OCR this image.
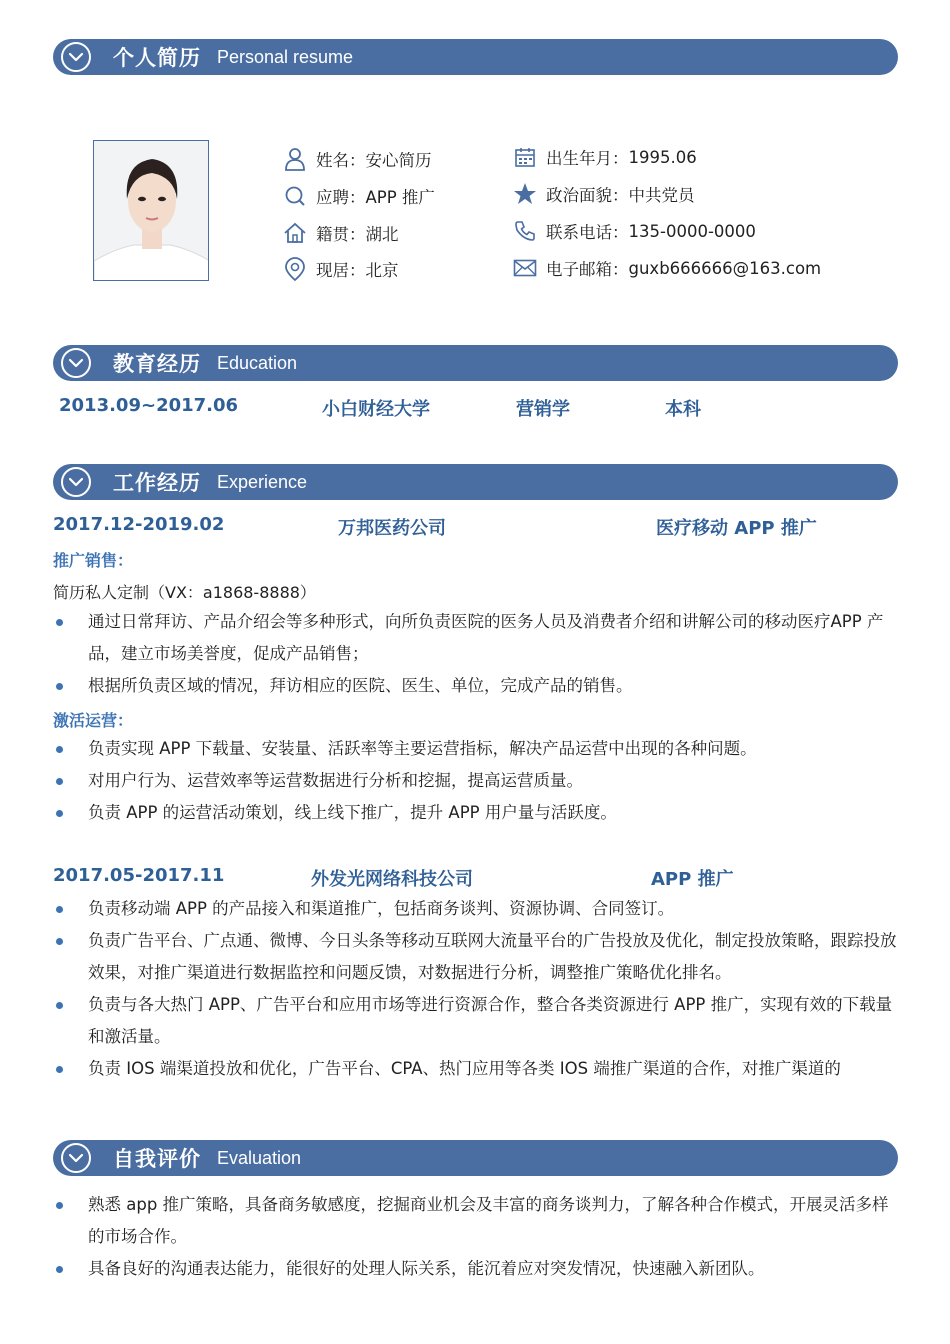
个人简历 Personal resume
姓名： 安心简历
应聘： APP 推广
籍贯： 湖北
现居： 北京
出生年月： 1995.06
政治面貌： 中共党员
联系电话： 135-0000-0000
电子邮箱： guxb666666@163.com
教育经历 Education
2013.09~2017.06	小白财经大学	营销学	本科
工作经历 Experience
2017.12-2019.02	万邦医药公司	医疗移动 APP 推广
推广销售：
简历私人定制（VX：a1868-8888）
通过日常拜访、产品介绍会等多种形式，向所负责医院的医务人员及消费者介绍和讲解公司的移动医疗APP 产品，建立市场美誉度，促成产品销售；
根据所负责区域的情况，拜访相应的医院、医生、单位，完成产品的销售。
激活运营：
负责实现 APP 下载量、安装量、活跃率等主要运营指标，解决产品运营中出现的各种问题。
对用户行为、运营效率等运营数据进行分析和挖掘，提高运营质量。
负责 APP 的运营活动策划，线上线下推广，提升 APP 用户量与活跃度。
2017.05-2017.11	外发光网络科技公司	APP 推广
负责移动端 APP 的产品接入和渠道推广，包括商务谈判、资源协调、合同签订。
负责广告平台、广点通、微博、今日头条等移动互联网大流量平台的广告投放及优化，制定投放策略，跟踪投放效果，对推广渠道进行数据监控和问题反馈，对数据进行分析，调整推广策略优化排名。
负责与各大热门 APP、广告平台和应用市场等进行资源合作，整合各类资源进行 APP 推广，实现有效的下载量和激活量。
负责 IOS 端渠道投放和优化，广告平台、CPA、热门应用等各类 IOS 端推广渠道的合作，对推广渠道的
自我评价 Evaluation
熟悉 app 推广策略，具备商务敏感度，挖掘商业机会及丰富的商务谈判力，了解各种合作模式，开展灵活多样的市场合作。
具备良好的沟通表达能力，能很好的处理人际关系，能沉着应对突发情况，快速融入新团队。
